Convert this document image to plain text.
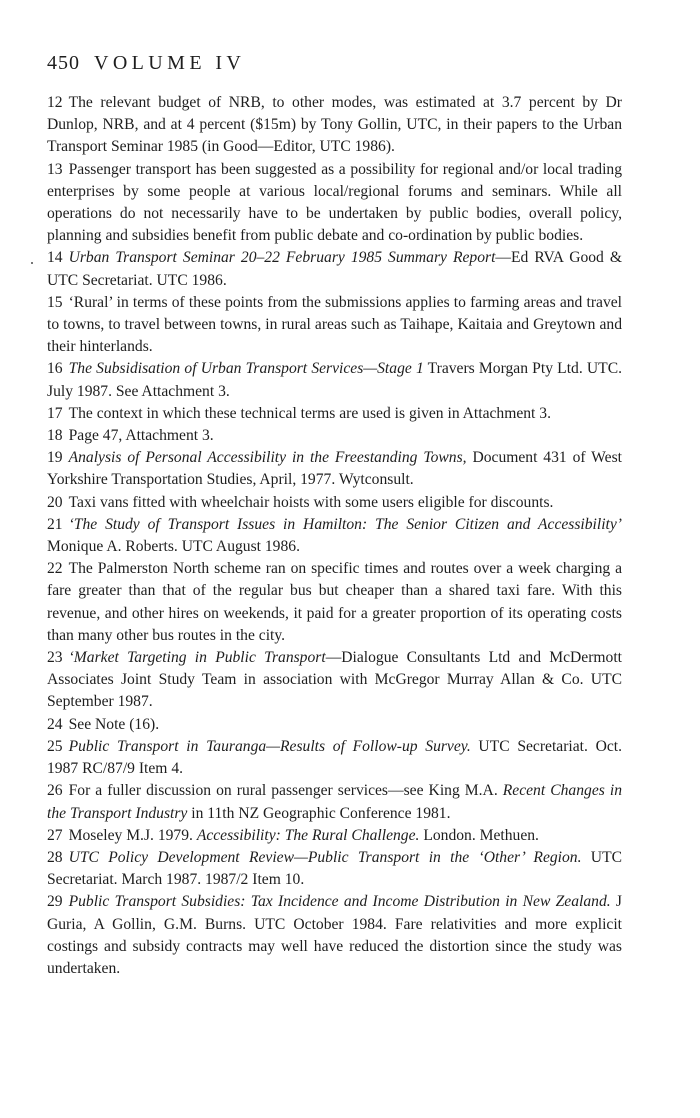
450 VOLUME IV

12 The relevant budget of NRB, to other modes, was estimated at 3.7 percent by Dr Dunlop, NRB, and at 4 percent ($15m) by Tony Gollin, UTC, in their papers to the Urban Transport Seminar 1985 (in Good—Editor, UTC 1986).

13 Passenger transport has been suggested as a possibility for regional and/or local trading enterprises by some people at various local/regional forums and seminars. While all operations do not necessarily have to be undertaken by public bodies, overall policy, planning and subsidies benefit from public debate and co-ordination by public bodies.

14 Urban Transport Seminar 20–22 February 1985 Summary Report—Ed RVA Good & UTC Secretariat. UTC 1986.

15 ‘Rural’ in terms of these points from the submissions applies to farming areas and travel to towns, to travel between towns, in rural areas such as Taihape, Kaitaia and Greytown and their hinterlands.

16 The Subsidisation of Urban Transport Services—Stage 1 Travers Morgan Pty Ltd. UTC. July 1987. See Attachment 3.

17 The context in which these technical terms are used is given in Attachment 3.

18 Page 47, Attachment 3.

19 Analysis of Personal Accessibility in the Freestanding Towns, Document 431 of West Yorkshire Transportation Studies, April, 1977. Wytconsult.

20 Taxi vans fitted with wheelchair hoists with some users eligible for discounts.

21 ‘The Study of Transport Issues in Hamilton: The Senior Citizen and Accessibility’ Monique A. Roberts. UTC August 1986.

22 The Palmerston North scheme ran on specific times and routes over a week charging a fare greater than that of the regular bus but cheaper than a shared taxi fare. With this revenue, and other hires on weekends, it paid for a greater proportion of its operating costs than many other bus routes in the city.

23 ‘Market Targeting in Public Transport—Dialogue Consultants Ltd and McDermott Associates Joint Study Team in association with McGregor Murray Allan & Co. UTC September 1987.

24 See Note (16).

25 Public Transport in Tauranga—Results of Follow-up Survey. UTC Secretariat. Oct. 1987 RC/87/9 Item 4.

26 For a fuller discussion on rural passenger services—see King M.A. Recent Changes in the Transport Industry in 11th NZ Geographic Conference 1981.

27 Moseley M.J. 1979. Accessibility: The Rural Challenge. London. Methuen.

28 UTC Policy Development Review—Public Transport in the ‘Other’ Region. UTC Secretariat. March 1987. 1987/2 Item 10.

29 Public Transport Subsidies: Tax Incidence and Income Distribution in New Zealand. J Guria, A Gollin, G.M. Burns. UTC October 1984. Fare relativities and more explicit costings and subsidy contracts may well have reduced the distortion since the study was undertaken.
